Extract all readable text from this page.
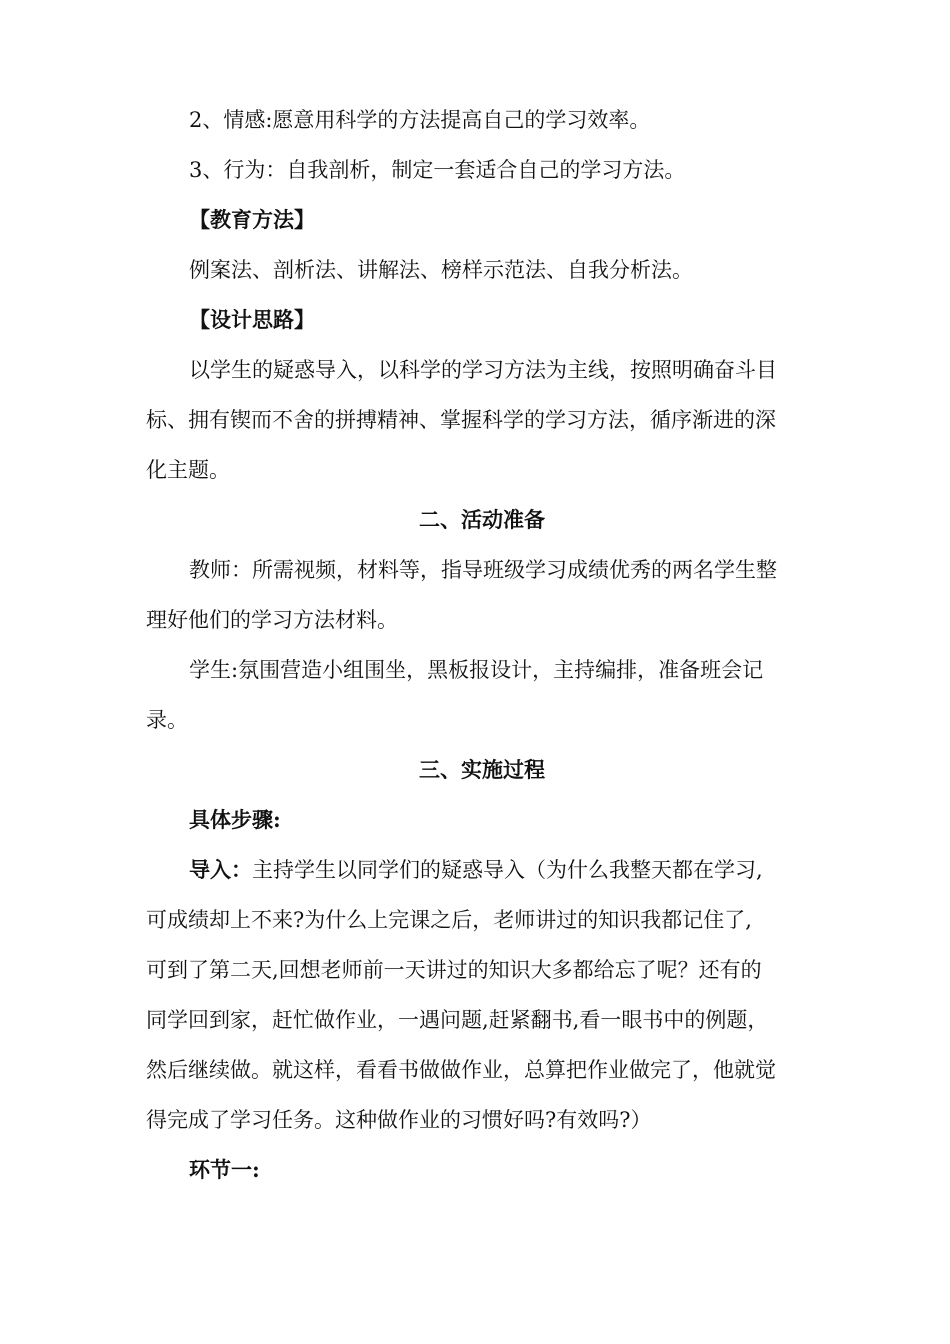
2、情感:愿意用科学的方法提高自己的学习效率。
3、行为：自我剖析，制定一套适合自己的学习方法。
【教育方法】
例案法、剖析法、讲解法、榜样示范法、自我分析法。
【设计思路】
以学生的疑惑导入，以科学的学习方法为主线，按照明确奋斗目
标、拥有锲而不舍的拼搏精神、掌握科学的学习方法，循序渐进的深
化主题。
二、活动准备
教师：所需视频，材料等，指导班级学习成绩优秀的两名学生整
理好他们的学习方法材料。
学生:氛围营造小组围坐，黑板报设计，主持编排，准备班会记
录。
三、实施过程
具体步骤:
导入：主持学生以同学们的疑惑导入（为什么我整天都在学习,
可成绩却上不来?为什么上完课之后，老师讲过的知识我都记住了,
可到了第二天,回想老师前一天讲过的知识大多都给忘了呢？还有的
同学回到家，赶忙做作业，一遇问题,赶紧翻书,看一眼书中的例题，
然后继续做。就这样，看看书做做作业，总算把作业做完了，他就觉
得完成了学习任务。这种做作业的习惯好吗?有效吗?）
环节一:
